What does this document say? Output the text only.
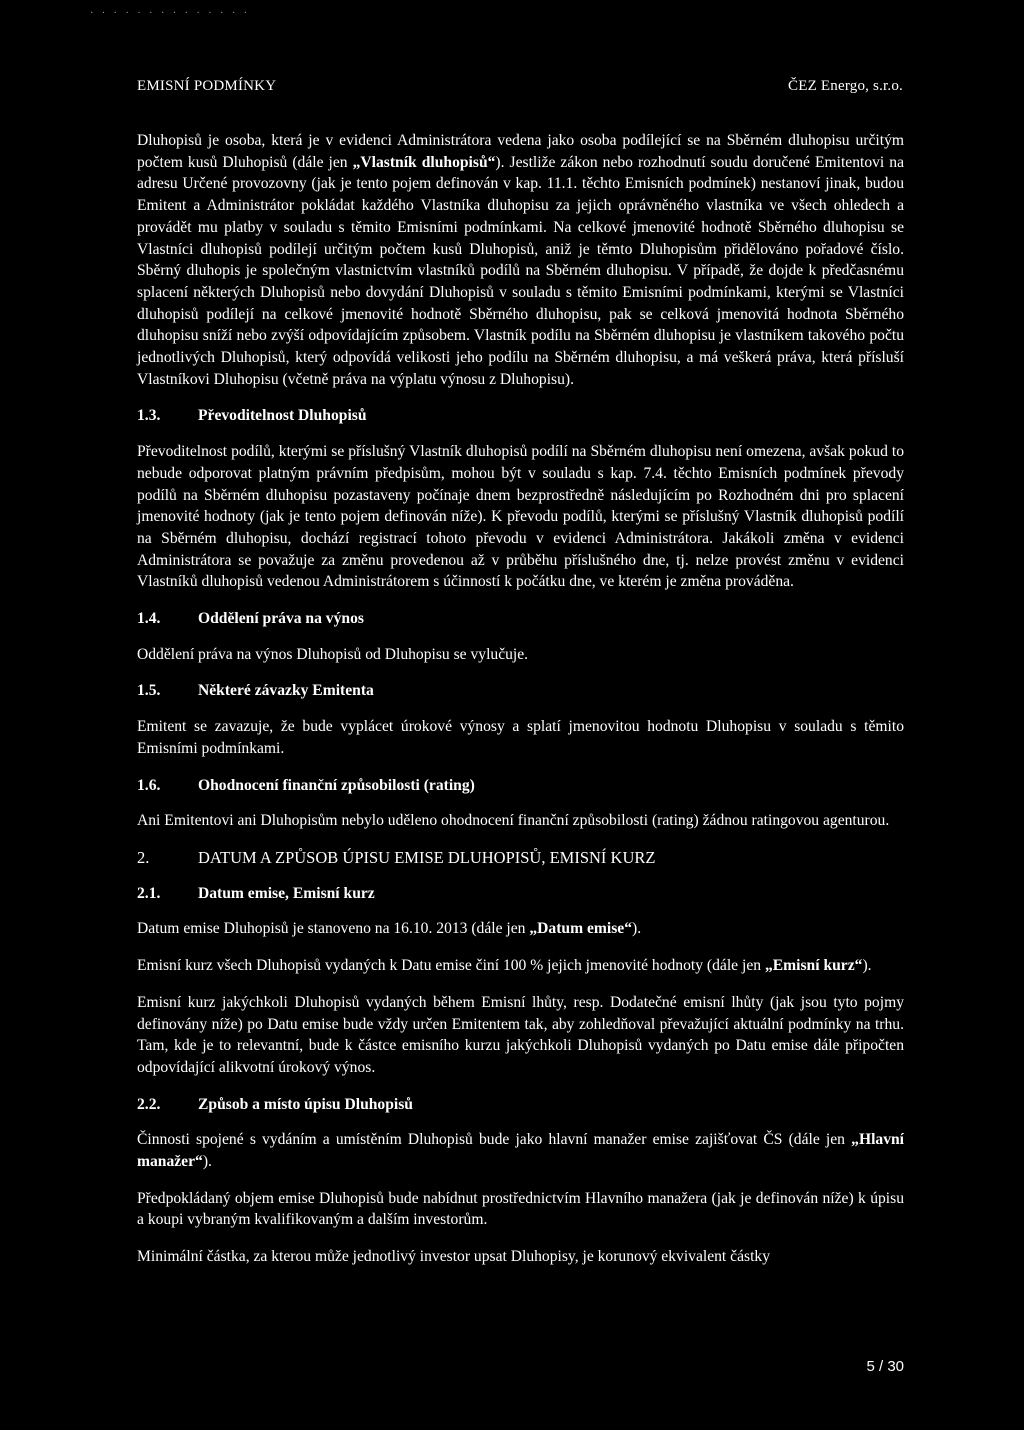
· · · · · · · · · · · · · ·
EMISNÍ PODMÍNKY	ČEZ Energo, s.r.o.

Dluhopisů je osoba, která je v evidenci Administrátora vedena jako osoba podílející se na Sběrném dluhopisu určitým počtem kusů Dluhopisů (dále jen „Vlastník dluhopisů“). Jestliže zákon nebo rozhodnutí soudu doručené Emitentovi na adresu Určené provozovny (jak je tento pojem definován v kap. 11.1. těchto Emisních podmínek) nestanoví jinak, budou Emitent a Administrátor pokládat každého Vlastníka dluhopisu za jejich oprávněného vlastníka ve všech ohledech a provádět mu platby v souladu s těmito Emisními podmínkami. Na celkové jmenovité hodnotě Sběrného dluhopisu se Vlastníci dluhopisů podílejí určitým počtem kusů Dluhopisů, aniž je těmto Dluhopisům přidělováno pořadové číslo. Sběrný dluhopis je společným vlastnictvím vlastníků podílů na Sběrném dluhopisu. V případě, že dojde k předčasnému splacení některých Dluhopisů nebo dovydání Dluhopisů v souladu s těmito Emisními podmínkami, kterými se Vlastníci dluhopisů podílejí na celkové jmenovité hodnotě Sběrného dluhopisu, pak se celková jmenovitá hodnota Sběrného dluhopisu sníží nebo zvýší odpovídajícím způsobem. Vlastník podílu na Sběrném dluhopisu je vlastníkem takového počtu jednotlivých Dluhopisů, který odpovídá velikosti jeho podílu na Sběrném dluhopisu, a má veškerá práva, která přísluší Vlastníkovi Dluhopisu (včetně práva na výplatu výnosu z Dluhopisu).

1.3. Převoditelnost Dluhopisů

Převoditelnost podílů, kterými se příslušný Vlastník dluhopisů podílí na Sběrném dluhopisu není omezena, avšak pokud to nebude odporovat platným právním předpisům, mohou být v souladu s kap. 7.4. těchto Emisních podmínek převody podílů na Sběrném dluhopisu pozastaveny počínaje dnem bezprostředně následujícím po Rozhodném dni pro splacení jmenovité hodnoty (jak je tento pojem definován níže). K převodu podílů, kterými se příslušný Vlastník dluhopisů podílí na Sběrném dluhopisu, dochází registrací tohoto převodu v evidenci Administrátora. Jakákoli změna v evidenci Administrátora se považuje za změnu provedenou až v průběhu příslušného dne, tj. nelze provést změnu v evidenci Vlastníků dluhopisů vedenou Administrátorem s účinností k počátku dne, ve kterém je změna prováděna.

1.4. Oddělení práva na výnos

Oddělení práva na výnos Dluhopisů od Dluhopisu se vylučuje.

1.5. Některé závazky Emitenta

Emitent se zavazuje, že bude vyplácet úrokové výnosy a splatí jmenovitou hodnotu Dluhopisu v souladu s těmito Emisními podmínkami.

1.6. Ohodnocení finanční způsobilosti (rating)

Ani Emitentovi ani Dluhopisům nebylo uděleno ohodnocení finanční způsobilosti (rating) žádnou ratingovou agenturou.

2.	DATUM A ZPŮSOB ÚPISU EMISE DLUHOPISŮ, EMISNÍ KURZ
2.1. Datum emise, Emisní kurz

Datum emise Dluhopisů je stanoveno na 16.10. 2013 (dále jen „Datum emise“).

Emisní kurz všech Dluhopisů vydaných k Datu emise činí 100 % jejich jmenovité hodnoty (dále jen „Emisní kurz“).

Emisní kurz jakýchkoli Dluhopisů vydaných během Emisní lhůty, resp. Dodatečné emisní lhůty (jak jsou tyto pojmy definovány níže) po Datu emise bude vždy určen Emitentem tak, aby zohledňoval převažující aktuální podmínky na trhu. Tam, kde je to relevantní, bude k částce emisního kurzu jakýchkoli Dluhopisů vydaných po Datu emise dále připočten odpovídající alikvotní úrokový výnos.

2.2. Způsob a místo úpisu Dluhopisů

Činnosti spojené s vydáním a umístěním Dluhopisů bude jako hlavní manažer emise zajišťovat ČS (dále jen „Hlavní manažer“).

Předpokládaný objem emise Dluhopisů bude nabídnut prostřednictvím Hlavního manažera (jak je definován níže) k úpisu a koupi vybraným kvalifikovaným a dalším investorům.

Minimální částka, za kterou může jednotlivý investor upsat Dluhopisy, je korunový ekvivalent částky

5 / 30
